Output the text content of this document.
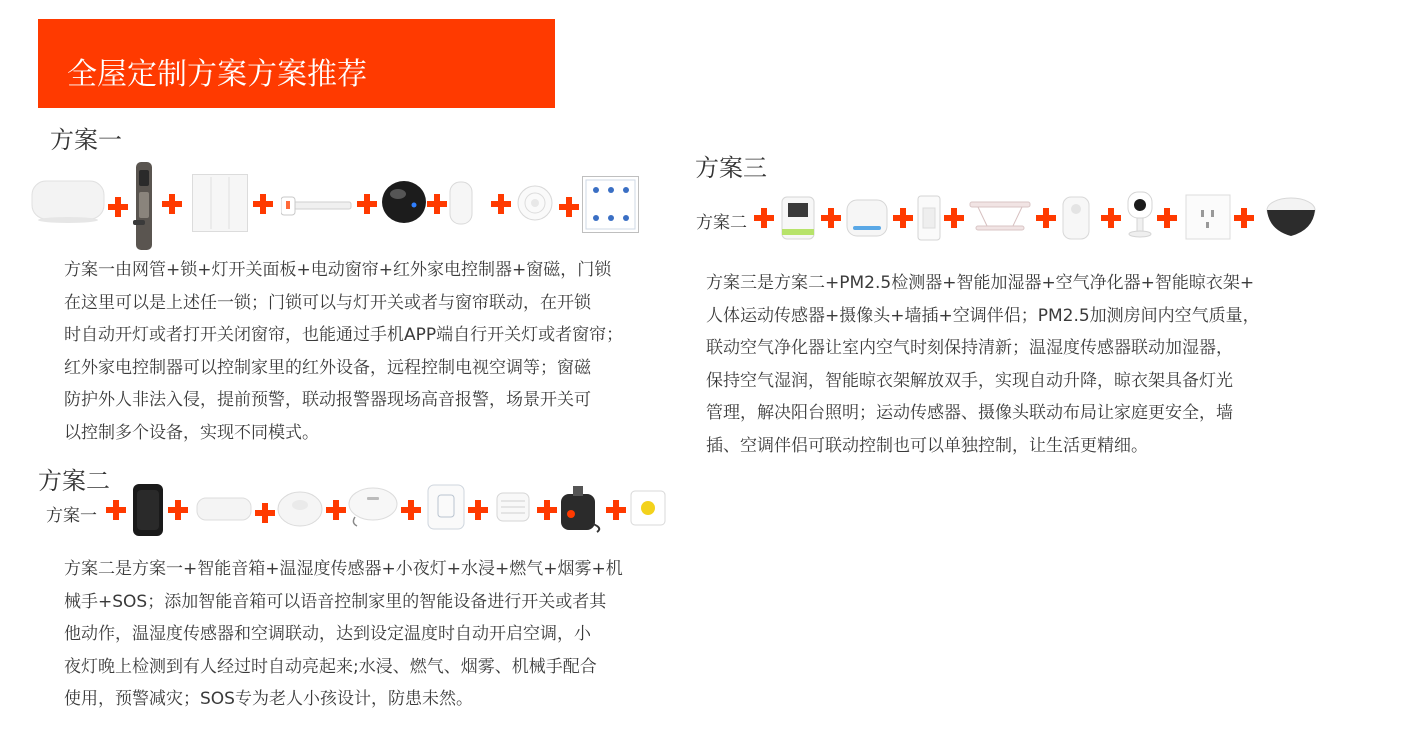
全屋定制方案方案推荐
方案一
方案一由网管+锁+灯开关面板+电动窗帘+红外家电控制器+窗磁，门锁
在这里可以是上述任一锁；门锁可以与灯开关或者与窗帘联动，在开锁
时自动开灯或者打开关闭窗帘，也能通过手机APP端自行开关灯或者窗帘；
红外家电控制器可以控制家里的红外设备，远程控制电视空调等；窗磁
防护外人非法入侵，提前预警，联动报警器现场高音报警，场景开关可
以控制多个设备，实现不同模式。
方案二
方案一
方案二是方案一+智能音箱+温湿度传感器+小夜灯+水浸+燃气+烟雾+机
械手+SOS；添加智能音箱可以语音控制家里的智能设备进行开关或者其
他动作，温湿度传感器和空调联动，达到设定温度时自动开启空调，小
夜灯晚上检测到有人经过时自动亮起来;水浸、燃气、烟雾、机械手配合
使用，预警减灾；SOS专为老人小孩设计，防患未然。
方案三
方案二
方案三是方案二+PM2.5检测器+智能加湿器+空气净化器+智能晾衣架+
人体运动传感器+摄像头+墙插+空调伴侣；PM2.5加测房间内空气质量，
联动空气净化器让室内空气时刻保持清新；温湿度传感器联动加湿器，
保持空气湿润，智能晾衣架解放双手，实现自动升降，晾衣架具备灯光
管理，解决阳台照明；运动传感器、摄像头联动布局让家庭更安全，墙
插、空调伴侣可联动控制也可以单独控制，让生活更精细。
